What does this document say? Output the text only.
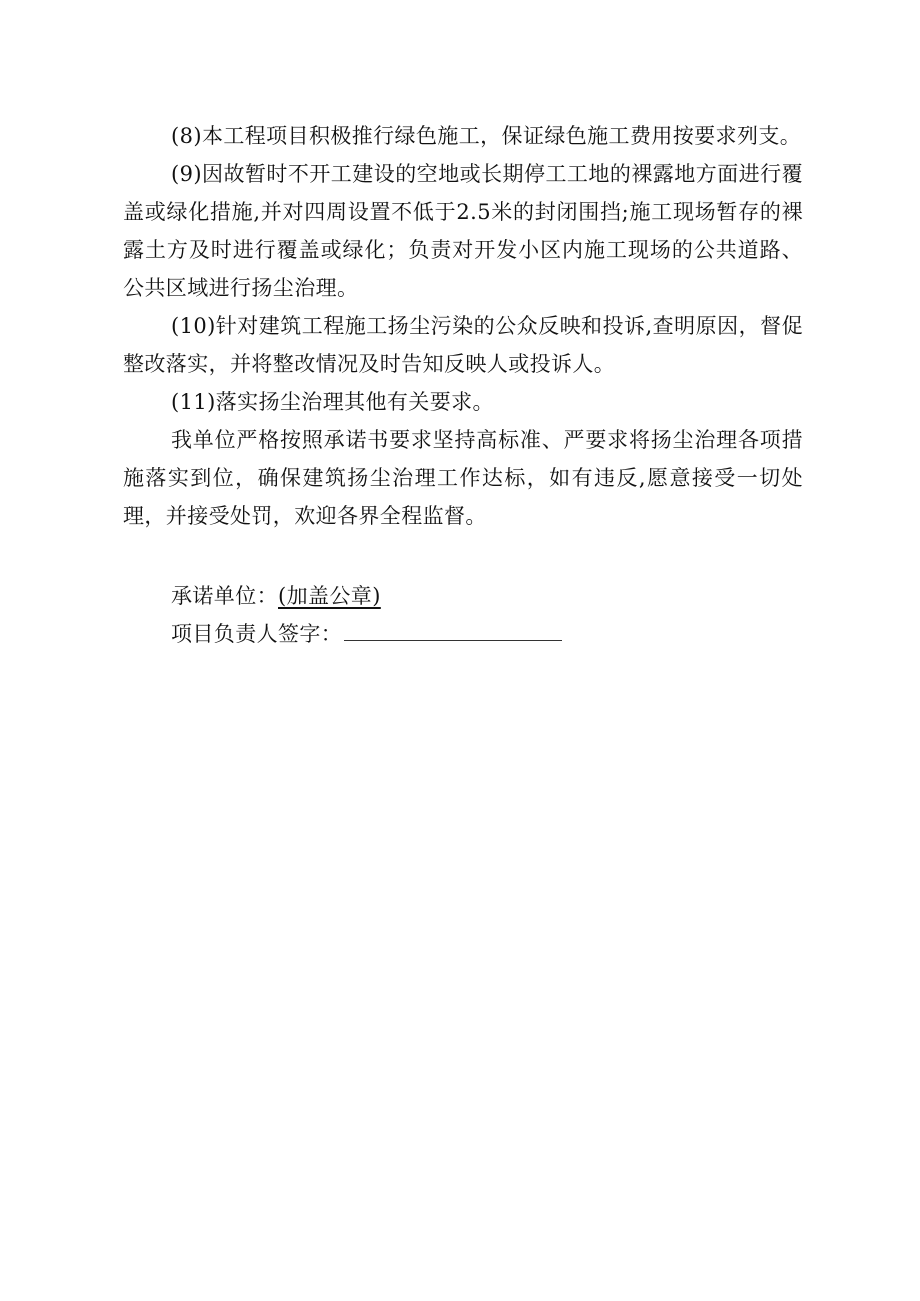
(8)本工程项目积极推行绿色施工，保证绿色施工费用按要求列支。

(9)因故暂时不开工建设的空地或长期停工工地的裸露地方面进行覆盖或绿化措施,并对四周设置不低于2.5米的封闭围挡;施工现场暂存的裸露土方及时进行覆盖或绿化；负责对开发小区内施工现场的公共道路、公共区域进行扬尘治理。

(10)针对建筑工程施工扬尘污染的公众反映和投诉,查明原因，督促整改落实，并将整改情况及时告知反映人或投诉人。

(11)落实扬尘治理其他有关要求。

我单位严格按照承诺书要求坚持高标准、严要求将扬尘治理各项措施落实到位，确保建筑扬尘治理工作达标，如有违反,愿意接受一切处理，并接受处罚，欢迎各界全程监督。

承诺单位：(加盖公章)
项目负责人签字：
